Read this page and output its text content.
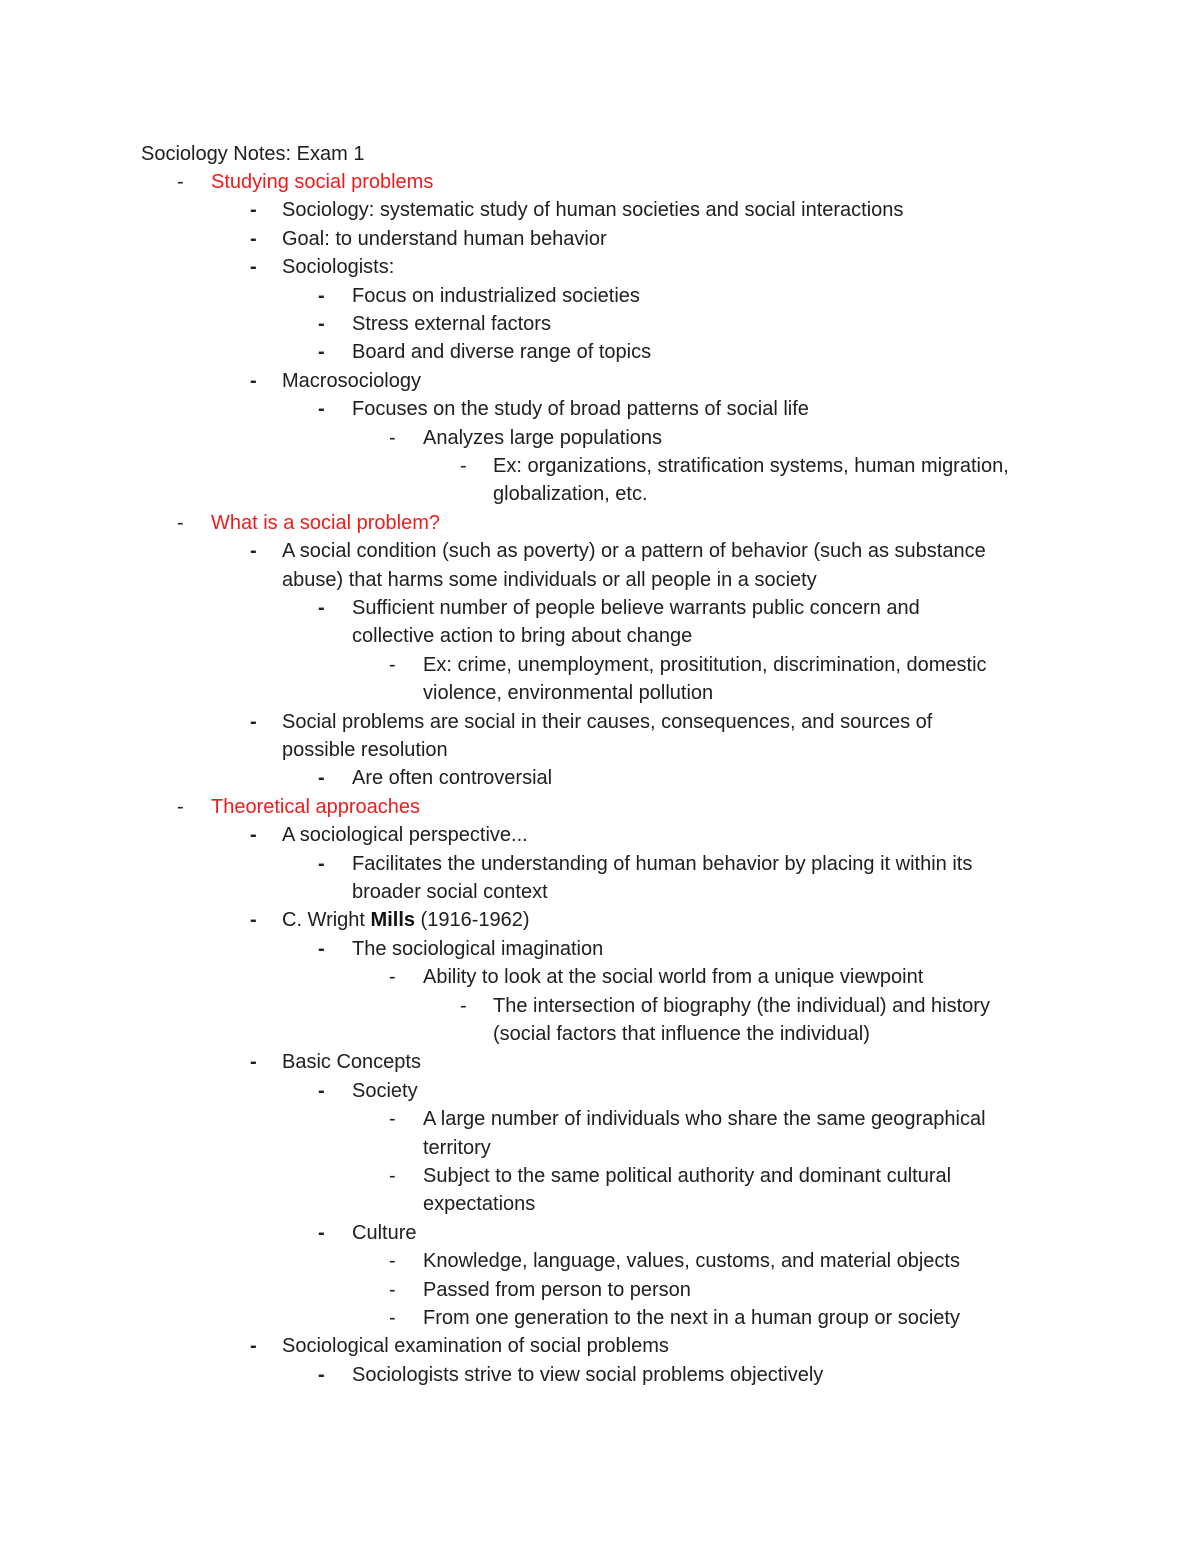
Sociology Notes: Exam 1
- Studying social problems
- Sociology: systematic study of human societies and social interactions
- Goal: to understand human behavior
- Sociologists:
- Focus on industrialized societies
- Stress external factors
- Board and diverse range of topics
- Macrosociology
- Focuses on the study of broad patterns of social life
- Analyzes large populations
- Ex: organizations, stratification systems, human migration,
globalization, etc.
- What is a social problem?
- A social condition (such as poverty) or a pattern of behavior (such as substance
abuse) that harms some individuals or all people in a society
- Sufficient number of people believe warrants public concern and
collective action to bring about change
- Ex: crime, unemployment, prosititution, discrimination, domestic
violence, environmental pollution
- Social problems are social in their causes, consequences, and sources of
possible resolution
- Are often controversial
- Theoretical approaches
- A sociological perspective...
- Facilitates the understanding of human behavior by placing it within its
broader social context
- C. Wright Mills (1916-1962)
- The sociological imagination
- Ability to look at the social world from a unique viewpoint
- The intersection of biography (the individual) and history
(social factors that influence the individual)
- Basic Concepts
- Society
- A large number of individuals who share the same geographical
territory
- Subject to the same political authority and dominant cultural
expectations
- Culture
- Knowledge, language, values, customs, and material objects
- Passed from person to person
- From one generation to the next in a human group or society
- Sociological examination of social problems
- Sociologists strive to view social problems objectively
